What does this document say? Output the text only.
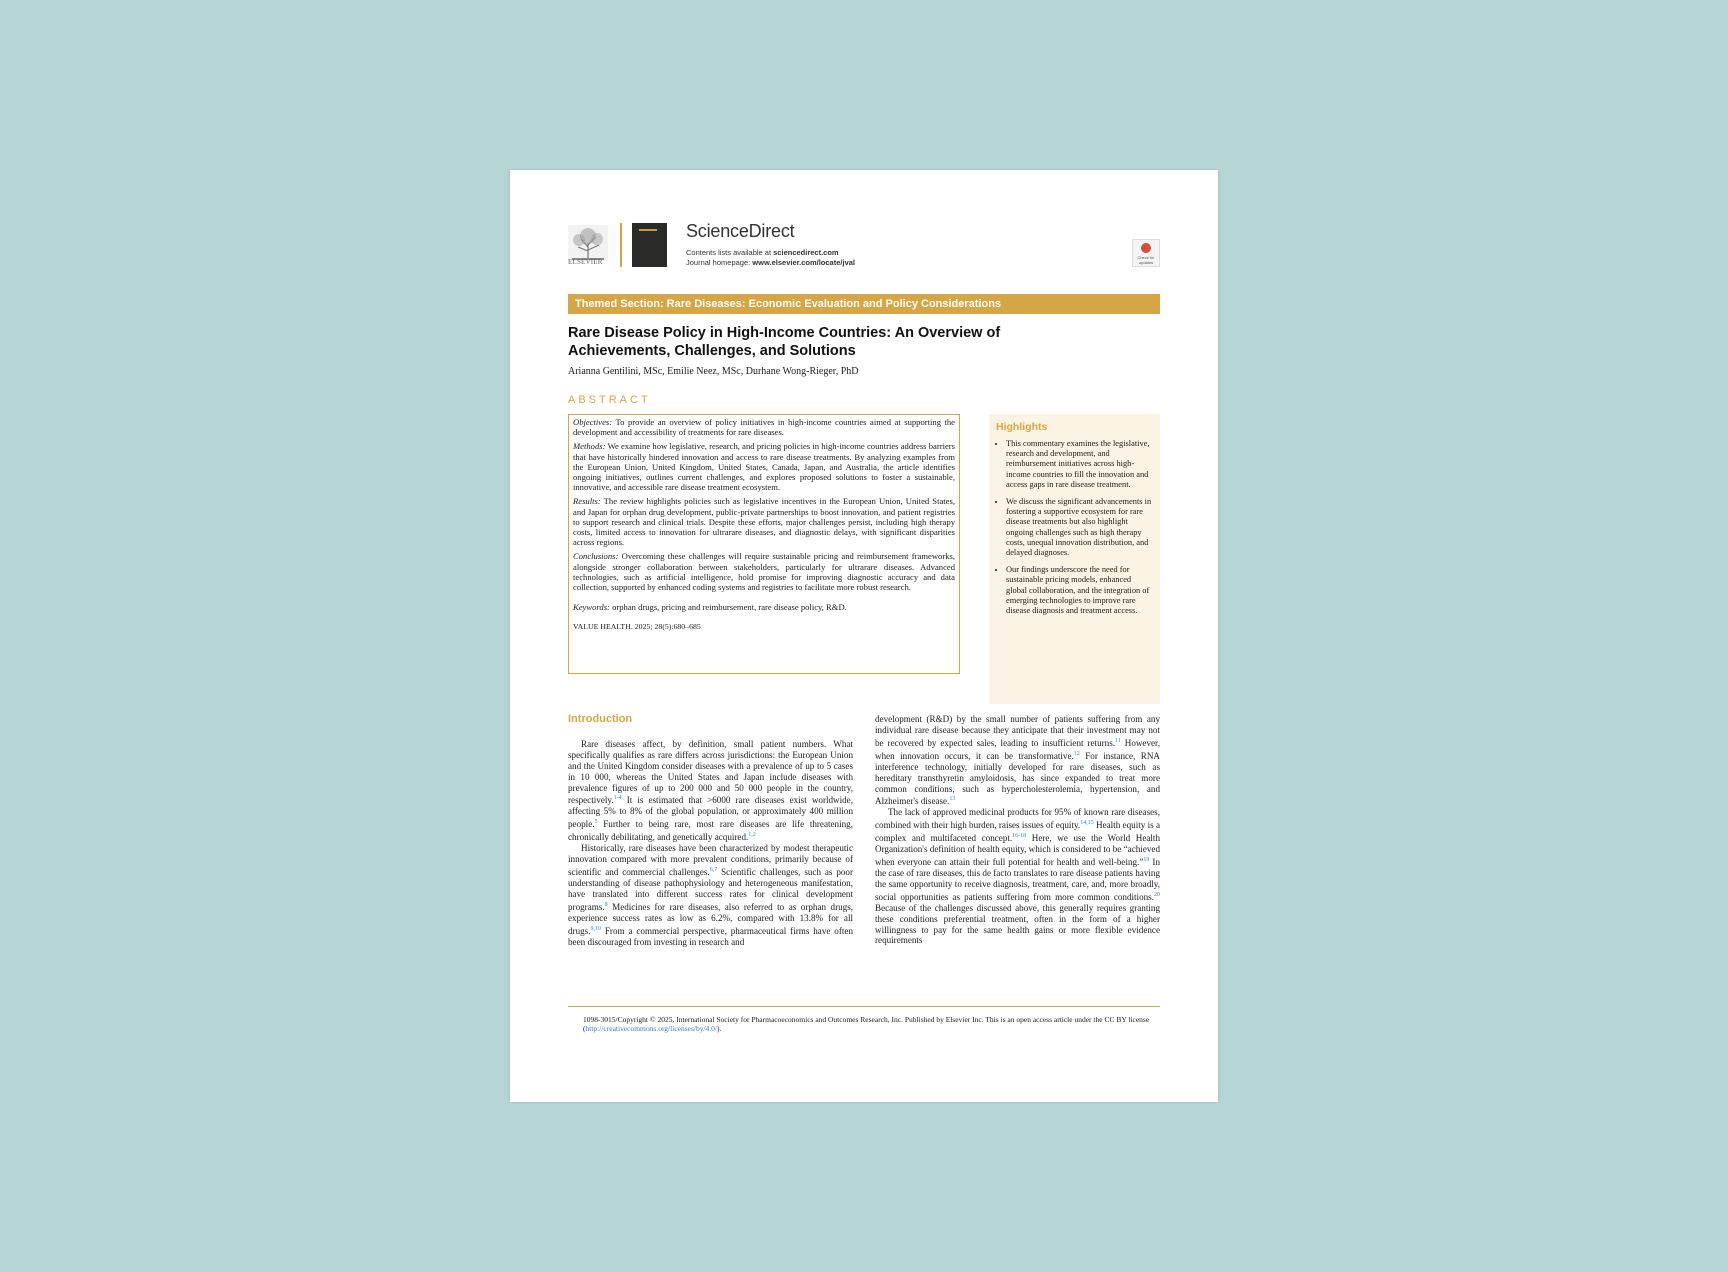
ELSEVIER
ScienceDirect
Contents lists available at sciencedirect.com
Journal homepage: www.elsevier.com/locate/jval
Check for updates
Themed Section: Rare Diseases: Economic Evaluation and Policy Considerations
Rare Disease Policy in High-Income Countries: An Overview of Achievements, Challenges, and Solutions
Arianna Gentilini, MSc, Emilie Neez, MSc, Durhane Wong-Rieger, PhD
ABSTRACT

Objectives: To provide an overview of policy initiatives in high-income countries aimed at supporting the development and accessibility of treatments for rare diseases.

Methods: We examine how legislative, research, and pricing policies in high-income countries address barriers that have historically hindered innovation and access to rare disease treatments. By analyzing examples from the European Union, United Kingdom, United States, Canada, Japan, and Australia, the article identifies ongoing initiatives, outlines current challenges, and explores proposed solutions to foster a sustainable, innovative, and accessible rare disease treatment ecosystem.

Results: The review highlights policies such as legislative incentives in the European Union, United States, and Japan for orphan drug development, public-private partnerships to boost innovation, and patient registries to support research and clinical trials. Despite these efforts, major challenges persist, including high therapy costs, limited access to innovation for ultrarare diseases, and diagnostic delays, with significant disparities across regions.

Conclusions: Overcoming these challenges will require sustainable pricing and reimbursement frameworks, alongside stronger collaboration between stakeholders, particularly for ultrarare diseases. Advanced technologies, such as artificial intelligence, hold promise for improving diagnostic accuracy and data collection, supported by enhanced coding systems and registries to facilitate more robust research.

Keywords: orphan drugs, pricing and reimbursement, rare disease policy, R&D.

VALUE HEALTH. 2025; 28(5):680–685

Highlights
• This commentary examines the legislative, research and development, and reimbursement initiatives across high-income countries to fill the innovation and access gaps in rare disease treatment.
• We discuss the significant advancements in fostering a supportive ecosystem for rare disease treatments but also highlight ongoing challenges such as high therapy costs, unequal innovation distribution, and delayed diagnoses.
• Our findings underscore the need for sustainable pricing models, enhanced global collaboration, and the integration of emerging technologies to improve rare disease diagnosis and treatment access.
Introduction

Rare diseases affect, by definition, small patient numbers. What specifically qualifies as rare differs across jurisdictions: the European Union and the United Kingdom consider diseases with a prevalence of up to 5 cases in 10 000, whereas the United States and Japan include diseases with prevalence figures of up to 200 000 and 50 000 people in the country, respectively.$^{1-4}$ It is estimated that >6000 rare diseases exist worldwide, affecting 5% to 8% of the global population, or approximately 400 million people.$^5$ Further to being rare, most rare diseases are life threatening, chronically debilitating, and genetically acquired.$^{1,2}$

Historically, rare diseases have been characterized by modest therapeutic innovation compared with more prevalent conditions, primarily because of scientific and commercial challenges.$^{6,7}$ Scientific challenges, such as poor understanding of disease pathophysiology and heterogeneous manifestation, have translated into different success rates for clinical development programs.$^8$ Medicines for rare diseases, also referred to as orphan drugs, experience success rates as low as 6.2%, compared with 13.8% for all drugs.$^{9,10}$ From a commercial perspective, pharmaceutical firms have often been discouraged from investing in research and

development (R&D) by the small number of patients suffering from any individual rare disease because they anticipate that their investment may not be recovered by expected sales, leading to insufficient returns.$^{11}$ However, when innovation occurs, it can be transformative.$^{12}$ For instance, RNA interference technology, initially developed for rare diseases, such as hereditary transthyretin amyloidosis, has since expanded to treat more common conditions, such as hypercholesterolemia, hypertension, and Alzheimer's disease.$^{13}$

The lack of approved medicinal products for 95% of known rare diseases, combined with their high burden, raises issues of equity.$^{14,15}$ Health equity is a complex and multifaceted concept.$^{16-18}$ Here, we use the World Health Organization's definition of health equity, which is considered to be “achieved when everyone can attain their full potential for health and well-being.”$^{19}$ In the case of rare diseases, this de facto translates to rare disease patients having the same opportunity to receive diagnosis, treatment, care, and, more broadly, social opportunities as patients suffering from more common conditions.$^{20}$ Because of the challenges discussed above, this generally requires granting these conditions preferential treatment, often in the form of a higher willingness to pay for the same health gains or more flexible evidence requirements

1098-3015/Copyright © 2025, International Society for Pharmacoeconomics and Outcomes Research, Inc. Published by Elsevier Inc. This is an open access article under the CC BY license (http://creativecommons.org/licenses/by/4.0/).
